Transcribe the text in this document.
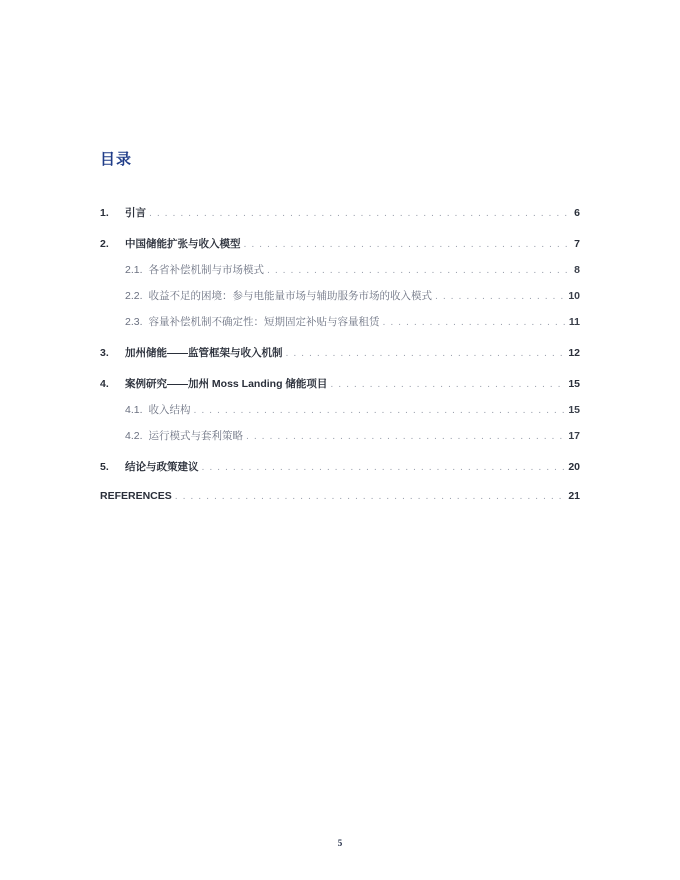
目录
1.	引言 . . .	6
2.	中国储能扩张与收入模型 . . .	7
2.1. 各省补偿机制与市场模式 . . .	8
2.2. 收益不足的困境：参与电能量市场与辅助服务市场的收入模式 . . .	10
2.3. 容量补偿机制不确定性：短期固定补贴与容量租赁 . . .	11
3.	加州储能——监管框架与收入机制 . . .	12
4.	案例研究——加州 Moss Landing 储能项目 . . .	15
4.1. 收入结构 . . .	15
4.2. 运行模式与套利策略 . . .	17
5.	结论与政策建议 . . .	20
REFERENCES . . .	21
5
